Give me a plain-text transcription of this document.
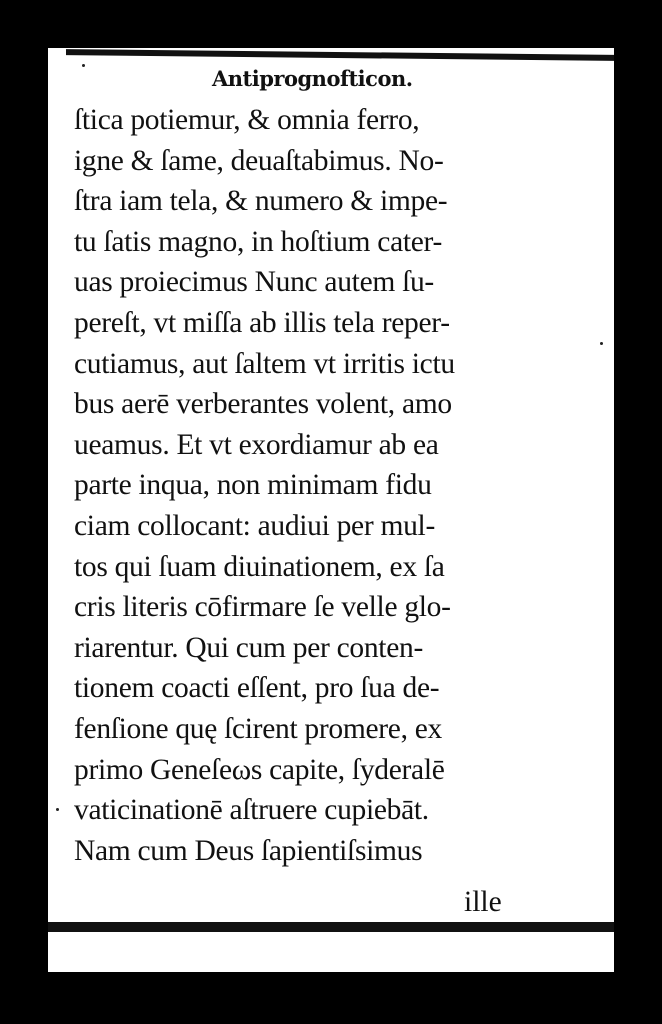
Antiprognofticon.
ſtica potiemur, & omnia ferro,
igne & ſame, deuaſtabimus. No-
ſtra iam tela, & numero & impe-
tu ſatis magno, in hoſtium cater-
uas proiecimus Nunc autem ſu-
pereſt, vt miſſa ab illis tela reper-
cutiamus, aut ſaltem vt irritis ictu
bus aerē verberantes volent, amo
ueamus. Et vt exordiamur ab ea
parte inqua, non minimam fidu
ciam collocant: audiui per mul-
tos qui ſuam diuinationem, ex ſa
cris literis cōfirmare ſe velle glo-
riarentur. Qui cum per conten-
tionem coacti eſſent, pro ſua de-
fenſione quę ſcirent promere, ex
primo Geneſeωs capite, ſyderalē
vaticinationē aſtruere cupiebāt.
Nam cum Deus ſapientiſsimus
ille
